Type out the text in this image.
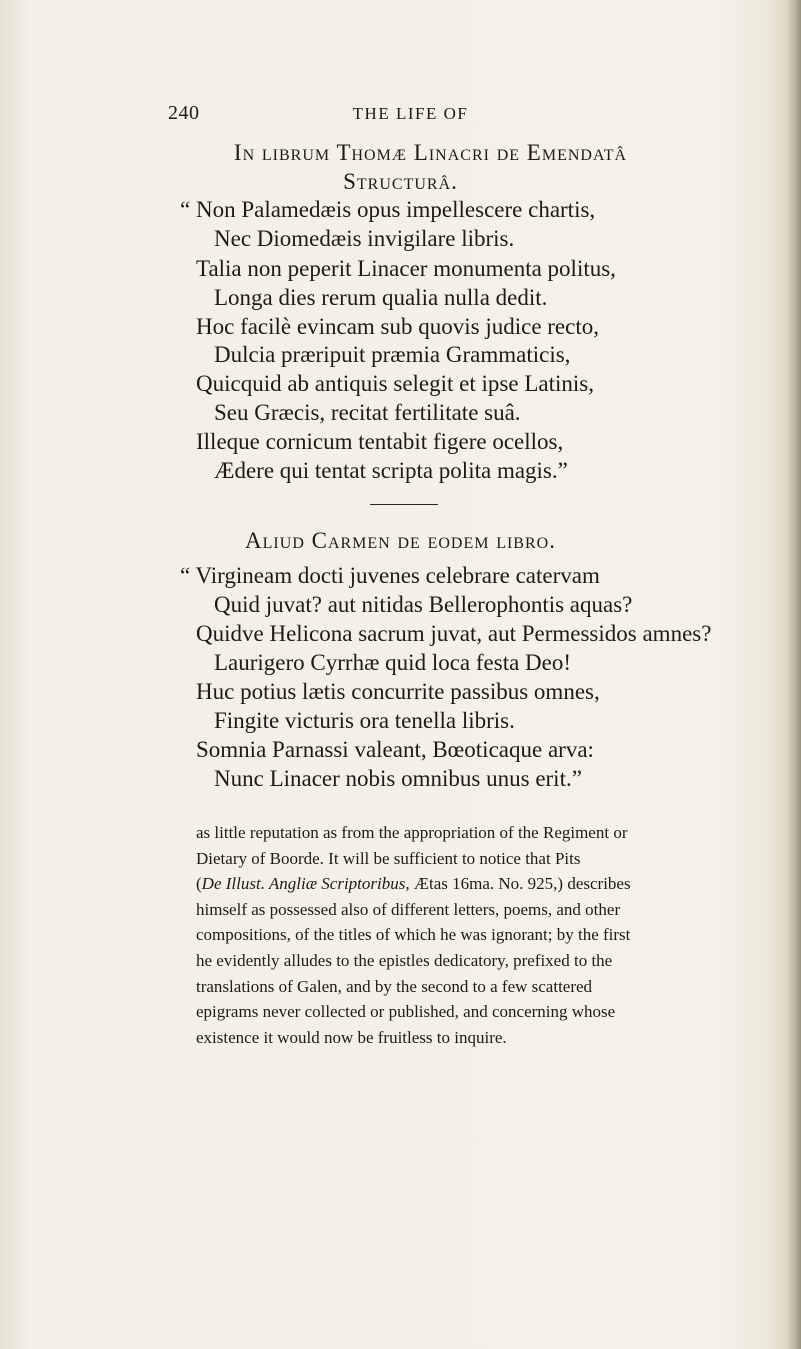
240	THE LIFE OF
In librum Thomæ Linacri de Emendatâ
Structurâ.
“ Non Palamedæis opus impellescere chartis,
Nec Diomedæis invigilare libris.
Talia non peperit Linacer monumenta politus,
Longa dies rerum qualia nulla dedit.
Hoc facilè evincam sub quovis judice recto,
Dulcia præripuit præmia Grammaticis,
Quicquid ab antiquis selegit et ipse Latinis,
Seu Græcis, recitat fertilitate suâ.
Illeque cornicum tentabit figere ocellos,
Ædere qui tentat scripta polita magis.”
Aliud Carmen de eodem libro.
“ Virgineam docti juvenes celebrare catervam
Quid juvat? aut nitidas Bellerophontis aquas?
Quidve Helicona sacrum juvat, aut Permessidos amnes?
Laurigero Cyrrhæ quid loca festa Deo!
Huc potius lætis concurrite passibus omnes,
Fingite victuris ora tenella libris.
Somnia Parnassi valeant, Bœoticaque arva:
Nunc Linacer nobis omnibus unus erit.”
as little reputation as from the appropriation of the Regiment or
Dietary of Boorde. It will be sufficient to notice that Pits
(De Illust. Angliæ Scriptoribus, Ætas 16ma. No. 925,) describes
himself as possessed also of different letters, poems, and other
compositions, of the titles of which he was ignorant; by the first
he evidently alludes to the epistles dedicatory, prefixed to the
translations of Galen, and by the second to a few scattered
epigrams never collected or published, and concerning whose
existence it would now be fruitless to inquire.
